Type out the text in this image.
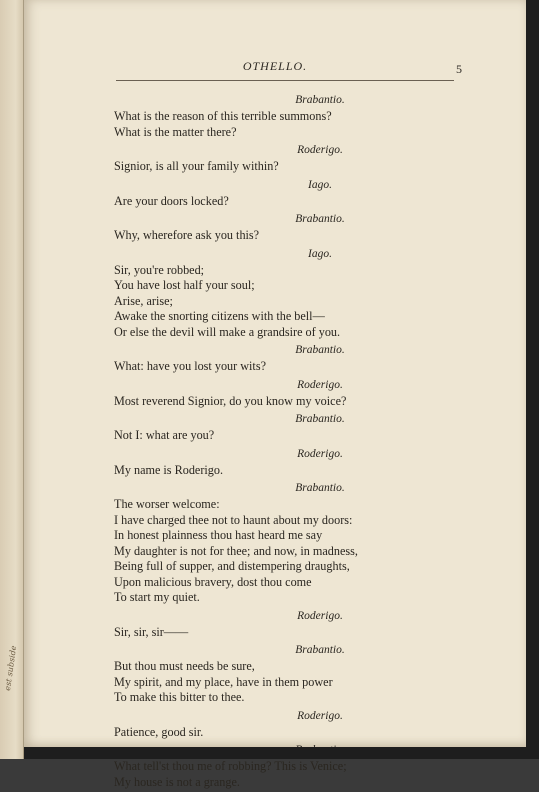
est subside
OTHELLO.	5
Brabantio.
What is the reason of this terrible summons?
What is the matter there?
Roderigo.
Signior, is all your family within?
Iago.
Are your doors locked?
Brabantio.
Why, wherefore ask you this?
Iago.
Sir, you're robbed;
You have lost half your soul;
Arise, arise;
Awake the snorting citizens with the bell—
Or else the devil will make a grandsire of you.
Brabantio.
What: have you lost your wits?
Roderigo.
Most reverend Signior, do you know my voice?
Brabantio.
Not I: what are you?
Roderigo.
My name is Roderigo.
Brabantio.
The worser welcome:
I have charged thee not to haunt about my doors:
In honest plainness thou hast heard me say
My daughter is not for thee; and now, in madness,
Being full of supper, and distempering draughts,
Upon malicious bravery, dost thou come
To start my quiet.
Roderigo.
Sir, sir, sir——
Brabantio.
But thou must needs be sure,
My spirit, and my place, have in them power
To make this bitter to thee.
Roderigo.
Patience, good sir.
What tell'st thou me of robbing? This is Venice;
My house is not a grange.
